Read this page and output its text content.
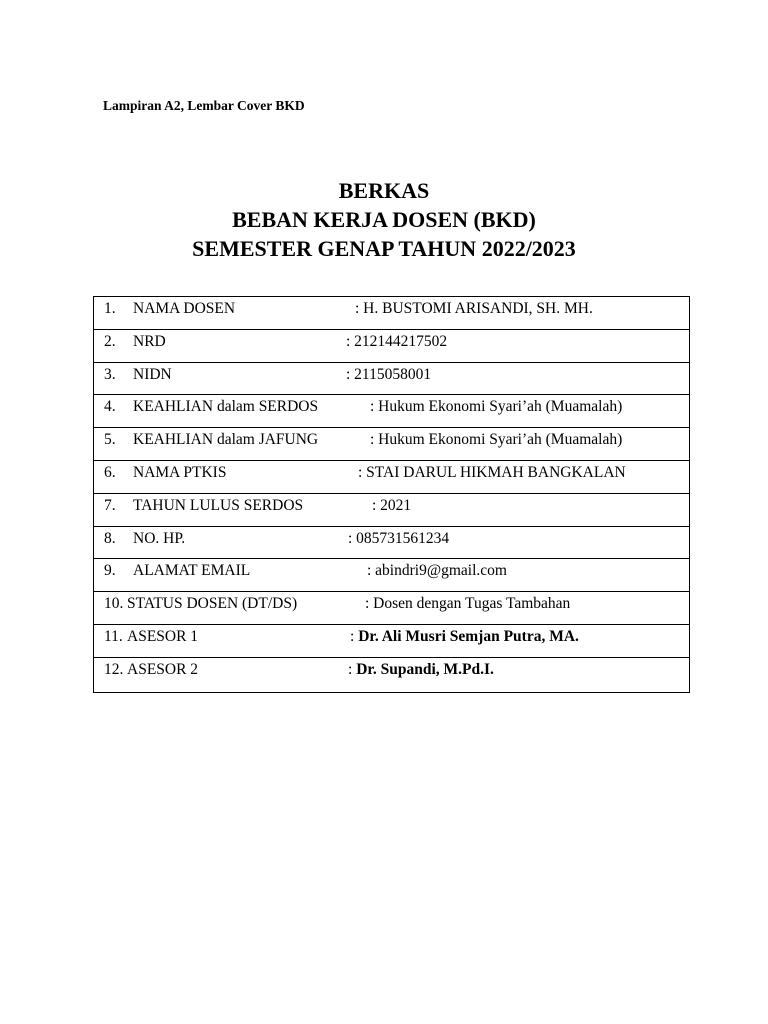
Lampiran A2, Lembar Cover BKD
BERKAS
BEBAN KERJA DOSEN (BKD)
SEMESTER GENAP TAHUN 2022/2023
1. NAMA DOSEN	: H. BUSTOMI ARISANDI, SH. MH.
2. NRD	: 212144217502
3. NIDN	: 2115058001
4. KEAHLIAN dalam SERDOS	: Hukum Ekonomi Syari’ah (Muamalah)
5. KEAHLIAN dalam JAFUNG	: Hukum Ekonomi Syari’ah (Muamalah)
6. NAMA PTKIS	: STAI DARUL HIKMAH BANGKALAN
7. TAHUN LULUS SERDOS	: 2021
8. NO. HP.	: 085731561234
9. ALAMAT EMAIL	: abindri9@gmail.com
10. STATUS DOSEN (DT/DS)	: Dosen dengan Tugas Tambahan
11. ASESOR 1	: Dr. Ali Musri Semjan Putra, MA.
12. ASESOR 2	: Dr. Supandi, M.Pd.I.
